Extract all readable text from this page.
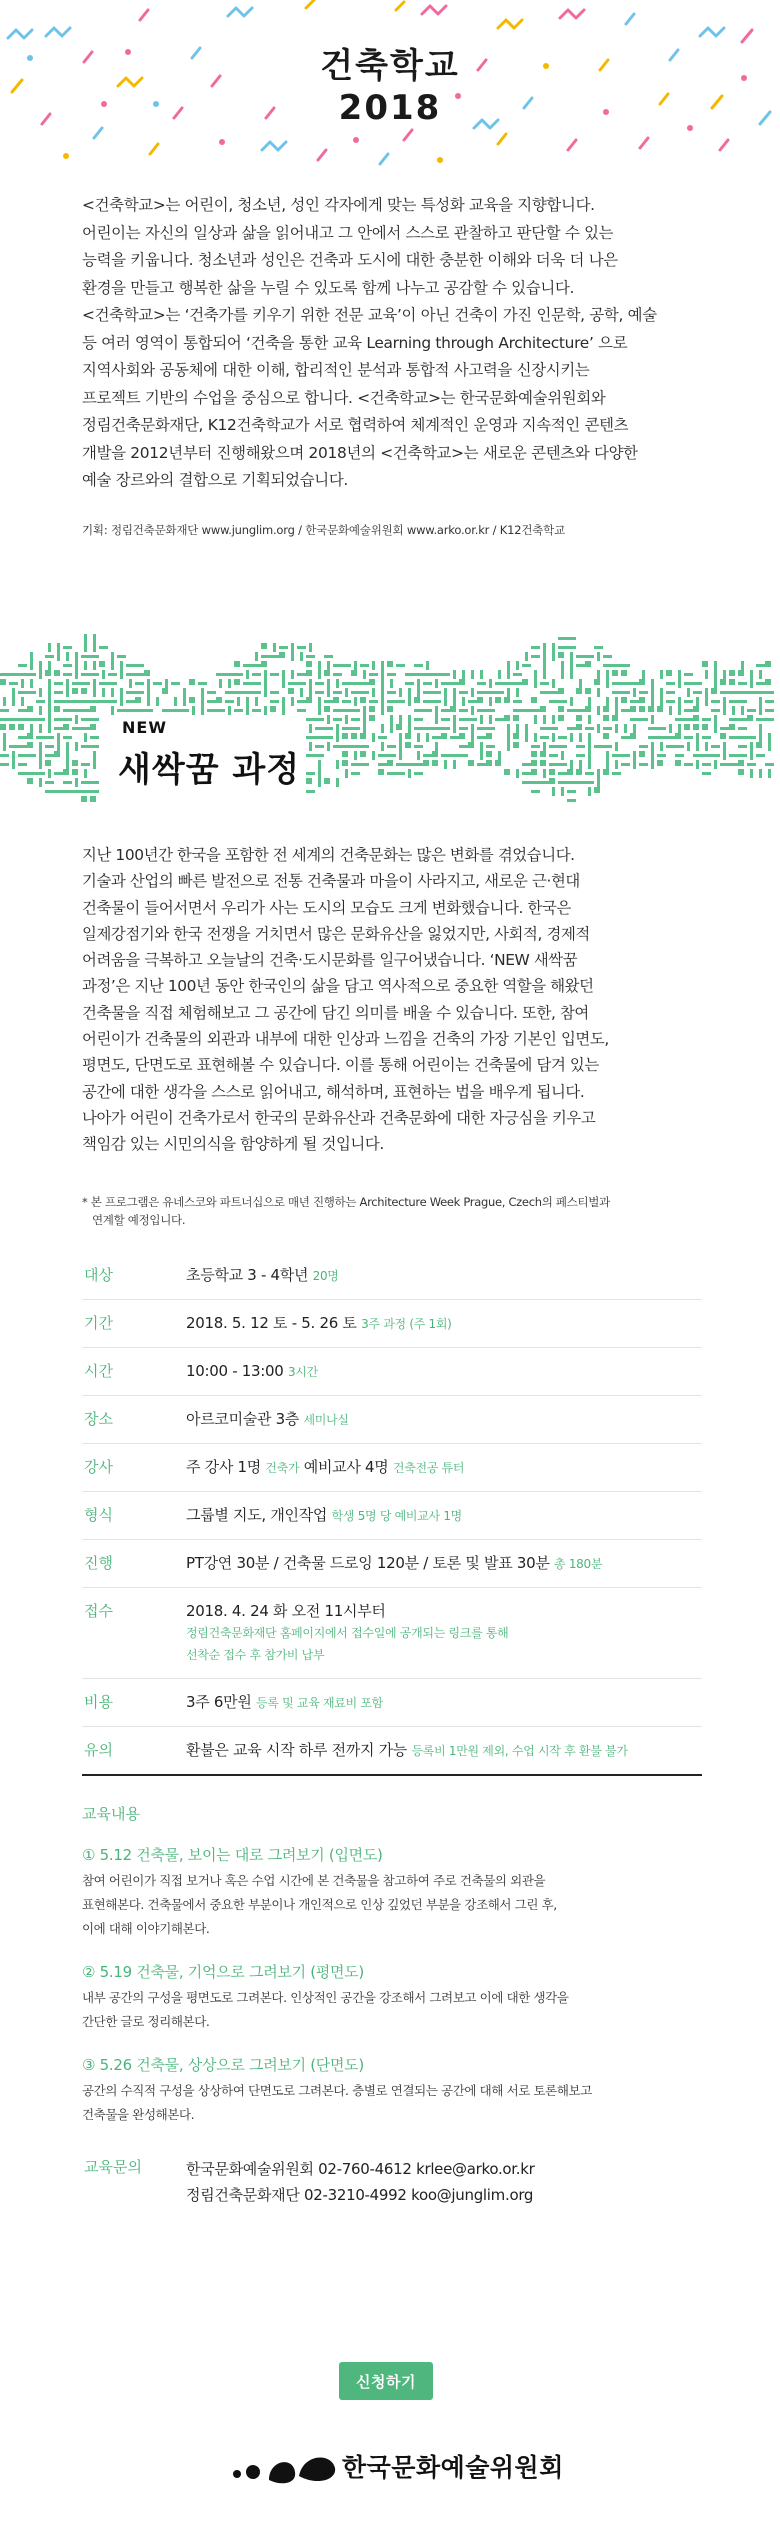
건축학교
2018
<건축학교>는 어린이, 청소년, 성인 각자에게 맞는 특성화 교육을 지향합니다.
어린이는 자신의 일상과 삶을 읽어내고 그 안에서 스스로 관찰하고 판단할 수 있는
능력을 키웁니다. 청소년과 성인은 건축과 도시에 대한 충분한 이해와 더욱 더 나은
환경을 만들고 행복한 삶을 누릴 수 있도록 함께 나누고 공감할 수 있습니다.
<건축학교>는 ‘건축가를 키우기 위한 전문 교육’이 아닌 건축이 가진 인문학, 공학, 예술
등 여러 영역이 통합되어 ‘건축을 통한 교육 Learning through Architecture’ 으로
지역사회와 공동체에 대한 이해, 합리적인 분석과 통합적 사고력을 신장시키는
프로젝트 기반의 수업을 중심으로 합니다. <건축학교>는 한국문화예술위원회와
정림건축문화재단, K12건축학교가 서로 협력하여 체계적인 운영과 지속적인 콘텐츠
개발을 2012년부터 진행해왔으며 2018년의 <건축학교>는 새로운 콘텐츠와 다양한
예술 장르와의 결합으로 기획되었습니다.
기획: 정림건축문화재단 www.junglim.org / 한국문화예술위원회 www.arko.or.kr / K12건축학교
NEW
새싹꿈 과정
지난 100년간 한국을 포함한 전 세계의 건축문화는 많은 변화를 겪었습니다.
기술과 산업의 빠른 발전으로 전통 건축물과 마을이 사라지고, 새로운 근·현대
건축물이 들어서면서 우리가 사는 도시의 모습도 크게 변화했습니다. 한국은
일제강점기와 한국 전쟁을 거치면서 많은 문화유산을 잃었지만, 사회적, 경제적
어려움을 극복하고 오늘날의 건축·도시문화를 일구어냈습니다. ‘NEW 새싹꿈
과정’은 지난 100년 동안 한국인의 삶을 담고 역사적으로 중요한 역할을 해왔던
건축물을 직접 체험해보고 그 공간에 담긴 의미를 배울 수 있습니다. 또한, 참여
어린이가 건축물의 외관과 내부에 대한 인상과 느낌을 건축의 가장 기본인 입면도,
평면도, 단면도로 표현해볼 수 있습니다. 이를 통해 어린이는 건축물에 담겨 있는
공간에 대한 생각을 스스로 읽어내고, 해석하며, 표현하는 법을 배우게 됩니다.
나아가 어린이 건축가로서 한국의 문화유산과 건축문화에 대한 자긍심을 키우고
책임감 있는 시민의식을 함양하게 될 것입니다.
* 본 프로그램은 유네스코와 파트너십으로 매년 진행하는 Architecture Week Prague, Czech의 페스티벌과
연계할 예정입니다.
대상	초등학교 3 - 4학년 20명
기간	2018. 5. 12 토 - 5. 26 토 3주 과정 (주 1회)
시간	10:00 - 13:00 3시간
장소	아르코미술관 3층 세미나실
강사	주 강사 1명 건축가 예비교사 4명 건축전공 튜터
형식	그룹별 지도, 개인작업 학생 5명 당 예비교사 1명
진행	PT강연 30분 / 건축물 드로잉 120분 / 토론 및 발표 30분 총 180분
접수	2018. 4. 24 화 오전 11시부터
정림건축문화재단 홈페이지에서 접수일에 공개되는 링크를 통해
선착순 접수 후 참가비 납부
비용	3주 6만원 등록 및 교육 재료비 포함
유의	환불은 교육 시작 하루 전까지 가능 등록비 1만원 제외, 수업 시작 후 환불 불가
교육내용
① 5.12 건축물, 보이는 대로 그려보기 (입면도)
참여 어린이가 직접 보거나 혹은 수업 시간에 본 건축물을 참고하여 주로 건축물의 외관을
표현해본다. 건축물에서 중요한 부분이나 개인적으로 인상 깊었던 부분을 강조해서 그린 후,
이에 대해 이야기해본다.
② 5.19 건축물, 기억으로 그려보기 (평면도)
내부 공간의 구성을 평면도로 그려본다. 인상적인 공간을 강조해서 그려보고 이에 대한 생각을
간단한 글로 정리해본다.
③ 5.26 건축물, 상상으로 그려보기 (단면도)
공간의 수직적 구성을 상상하여 단면도로 그려본다. 층별로 연결되는 공간에 대해 서로 토론해보고
건축물을 완성해본다.
교육문의	한국문화예술위원회 02-760-4612 krlee@arko.or.kr
정림건축문화재단 02-3210-4992 koo@junglim.org
신청하기
한국문화예술위원회
